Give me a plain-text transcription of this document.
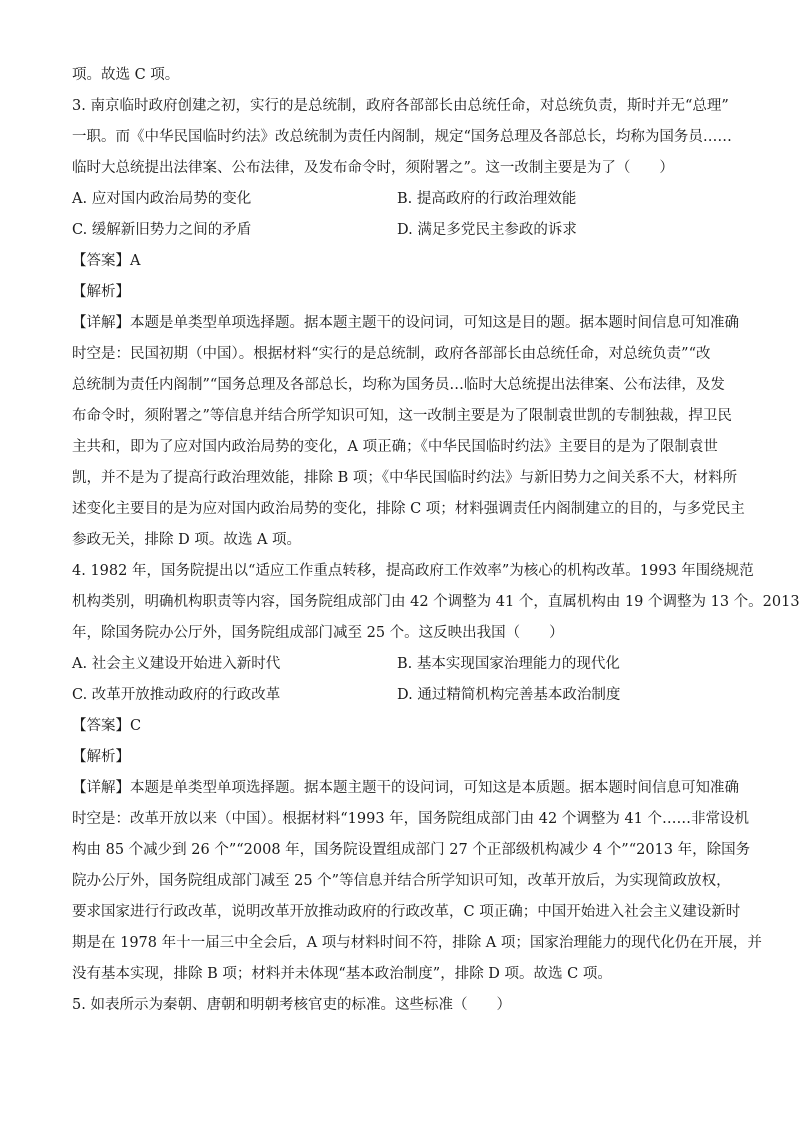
项。故选 C 项。
3. 南京临时政府创建之初，实行的是总统制，政府各部部长由总统任命，对总统负责，斯时并无“总理”
一职。而《中华民国临时约法》改总统制为责任内阁制，规定“国务总理及各部总长，均称为国务员……
临时大总统提出法律案、公布法律，及发布命令时，须附署之”。这一改制主要是为了（　　）
A. 应对国内政治局势的变化	B. 提高政府的行政治理效能
C. 缓解新旧势力之间的矛盾	D. 满足多党民主参政的诉求
【答案】A
【解析】
【详解】本题是单类型单项选择题。据本题主题干的设问词，可知这是目的题。据本题时间信息可知准确
时空是：民国初期（中国）。根据材料“实行的是总统制，政府各部部长由总统任命，对总统负责”“改
总统制为责任内阁制”“国务总理及各部总长，均称为国务员…临时大总统提出法律案、公布法律，及发
布命令时，须附署之”等信息并结合所学知识可知，这一改制主要是为了限制袁世凯的专制独裁，捍卫民
主共和，即为了应对国内政治局势的变化，A 项正确；《中华民国临时约法》主要目的是为了限制袁世
凯，并不是为了提高行政治理效能，排除 B 项；《中华民国临时约法》与新旧势力之间关系不大，材料所
述变化主要目的是为应对国内政治局势的变化，排除 C 项；材料强调责任内阁制建立的目的，与多党民主
参政无关，排除 D 项。故选 A 项。
4. 1982 年，国务院提出以“适应工作重点转移，提高政府工作效率”为核心的机构改革。1993 年围绕规范
机构类别，明确机构职责等内容，国务院组成部门由 42 个调整为 41 个，直属机构由 19 个调整为 13 个。2013
年，除国务院办公厅外，国务院组成部门减至 25 个。这反映出我国（　　）
A. 社会主义建设开始进入新时代	B. 基本实现国家治理能力的现代化
C. 改革开放推动政府的行政改革	D. 通过精简机构完善基本政治制度
【答案】C
【解析】
【详解】本题是单类型单项选择题。据本题主题干的设问词，可知这是本质题。据本题时间信息可知准确
时空是：改革开放以来（中国）。根据材料“1993 年，国务院组成部门由 42 个调整为 41 个……非常设机
构由 85 个减少到 26 个”“2008 年，国务院设置组成部门 27 个正部级机构减少 4 个”“2013 年，除国务
院办公厅外，国务院组成部门减至 25 个”等信息并结合所学知识可知，改革开放后，为实现简政放权，
要求国家进行行政改革，说明改革开放推动政府的行政改革，C 项正确；中国开始进入社会主义建设新时
期是在 1978 年十一届三中全会后，A 项与材料时间不符，排除 A 项；国家治理能力的现代化仍在开展，并
没有基本实现，排除 B 项；材料并未体现“基本政治制度”，排除 D 项。故选 C 项。
5. 如表所示为秦朝、唐朝和明朝考核官吏的标准。这些标准（　　）
